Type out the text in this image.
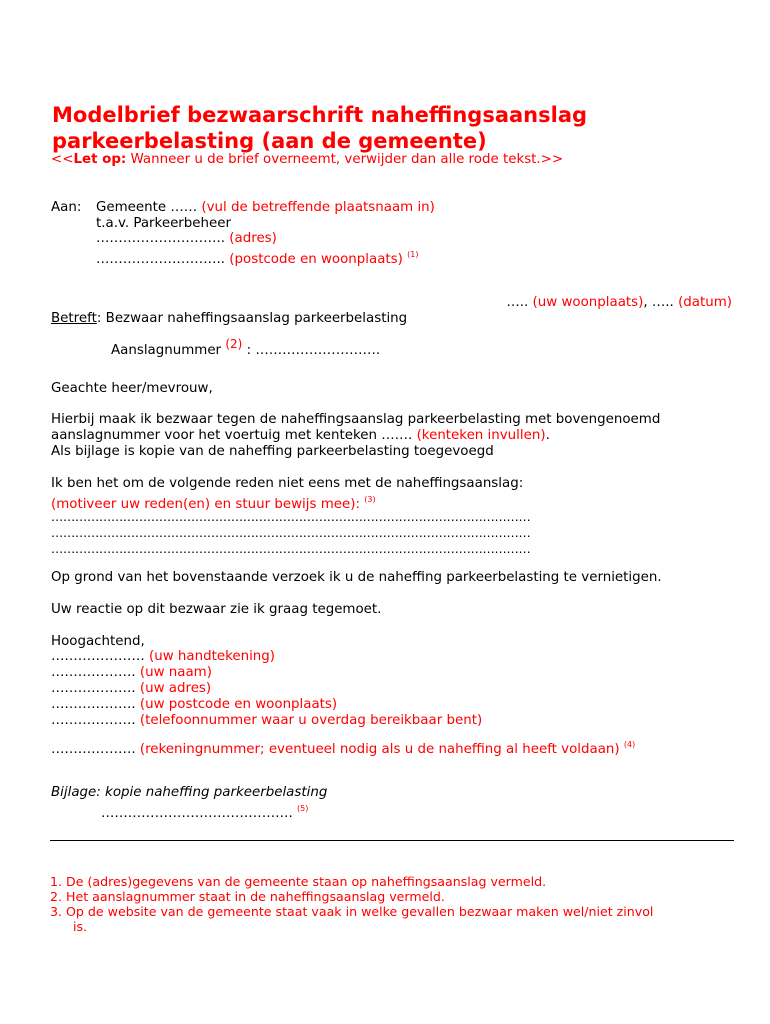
Modelbrief bezwaarschrift naheffingsaanslag
parkeerbelasting (aan de gemeente)

<<Let op: Wanneer u de brief overneemt, verwijder dan alle rode tekst.>>

Aan: Gemeente …… (vul de betreffende plaatsnaam in)

t.a.v. Parkeerbeheer

……………………….. (adres)

……………………….. (postcode en woonplaats) $^{(1)}$

….. (uw woonplaats), ….. (datum)

Betreft: Bezwaar naheffingsaanslag parkeerbelasting

Aanslagnummer (2) : ……………………….

Geachte heer/mevrouw,

Hierbij maak ik bezwaar tegen de naheffingsaanslag parkeerbelasting met bovengenoemd

aanslagnummer voor het voertuig met kenteken ……. (kenteken invullen).

Als bijlage is kopie van de naheffing parkeerbelasting toegevoegd

Ik ben het om de volgende reden niet eens met de naheffingsaanslag:

(motiveer uw reden(en) en stuur bewijs mee): $^{(3)}$

…………………………………………………………………………………………………………

…………………………………………………………………………………………………………

…………………………………………………………………………………………………………

Op grond van het bovenstaande verzoek ik u de naheffing parkeerbelasting te vernietigen.

Uw reactie op dit bezwaar zie ik graag tegemoet.

Hoogachtend,

………………… (uw handtekening)

………………. (uw naam)

………………. (uw adres)

………………. (uw postcode en woonplaats)

………………. (telefoonnummer waar u overdag bereikbaar bent)

………………. (rekeningnummer; eventueel nodig als u de naheffing al heeft voldaan) $^{(4)}$

Bijlage: kopie naheffing parkeerbelasting

……………………………………. $^{(5)}$

1. De (adres)gegevens van de gemeente staan op naheffingsaanslag vermeld.

2. Het aanslagnummer staat in de naheffingsaanslag vermeld.

3. Op de website van de gemeente staat vaak in welke gevallen bezwaar maken wel/niet zinvol

is.
